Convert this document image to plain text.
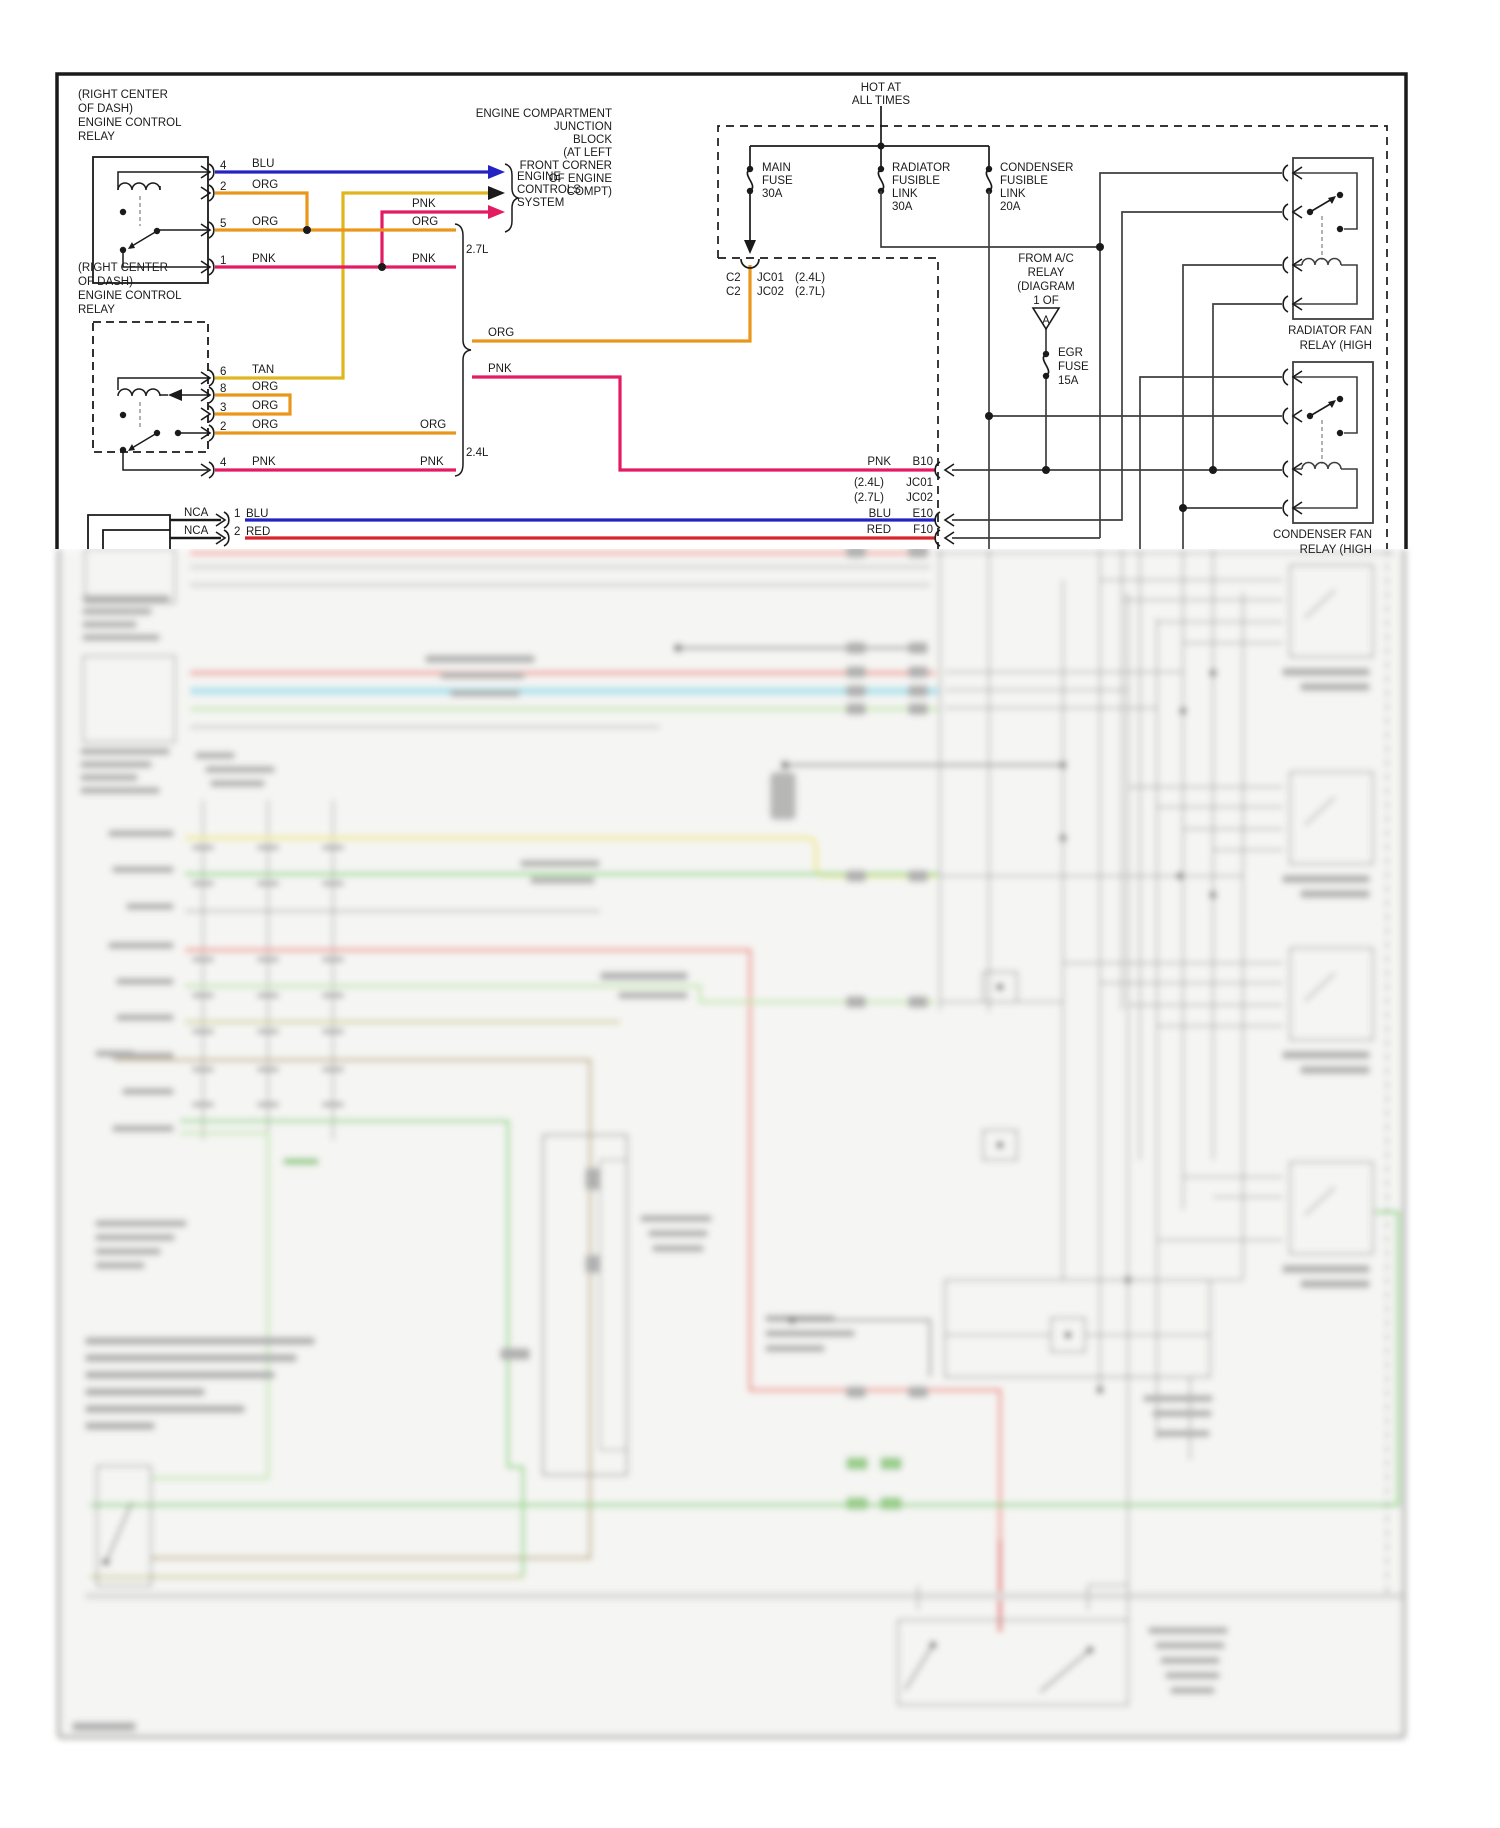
(RIGHT CENTER
OF DASH)
ENGINE CONTROL
RELAY
(RIGHT CENTER
OF DASH)
ENGINE CONTROL
RELAY
4
2
5
1
6
8
3
2
4
BLU
ORG
ORG
PNK
TAN
ORG
ORG
ORG
PNK
PNK
ORG
PNK
ORG
PNK
ORG
PNK
2.7L
2.4L
ENGINE
CONTROLS
SYSTEM
ENGINE COMPARTMENT
JUNCTION
BLOCK
(AT LEFT
FRONT CORNER
OF ENGINE
COMPT)
HOT AT
ALL TIMES
MAIN
FUSE
30A
RADIATOR
FUSIBLE
LINK
30A
CONDENSER
FUSIBLE
LINK
20A
C2 JC01 (2.4L)
C2 JC02 (2.7L)
FROM A/C
RELAY
(DIAGRAM
1 OF
A
EGR
FUSE
15A
PNK B10
(2.4L) JC01
(2.7L) JC02
BLU E10
RED F10
NCA
NCA
1 BLU
2 RED
RADIATOR FAN
RELAY (HIGH
CONDENSER FAN
RELAY (HIGH
